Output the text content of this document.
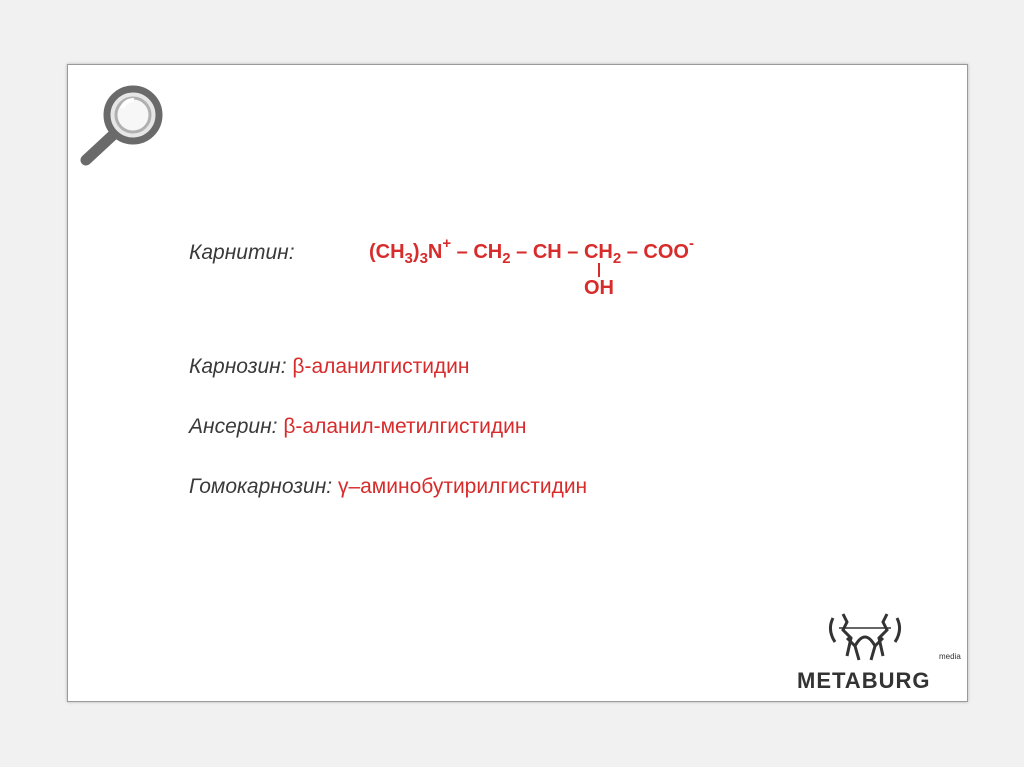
Карнитин:	$(CH_3)_3N^+ - CH_2$ – CH – $CH_2 - COO^-$
OH
Карнозин: β-аланилгистидин
Ансерин: β-аланил-метилгистидин
Гомокарнозин: γ–аминобутирилгистидин
media
METABURG
